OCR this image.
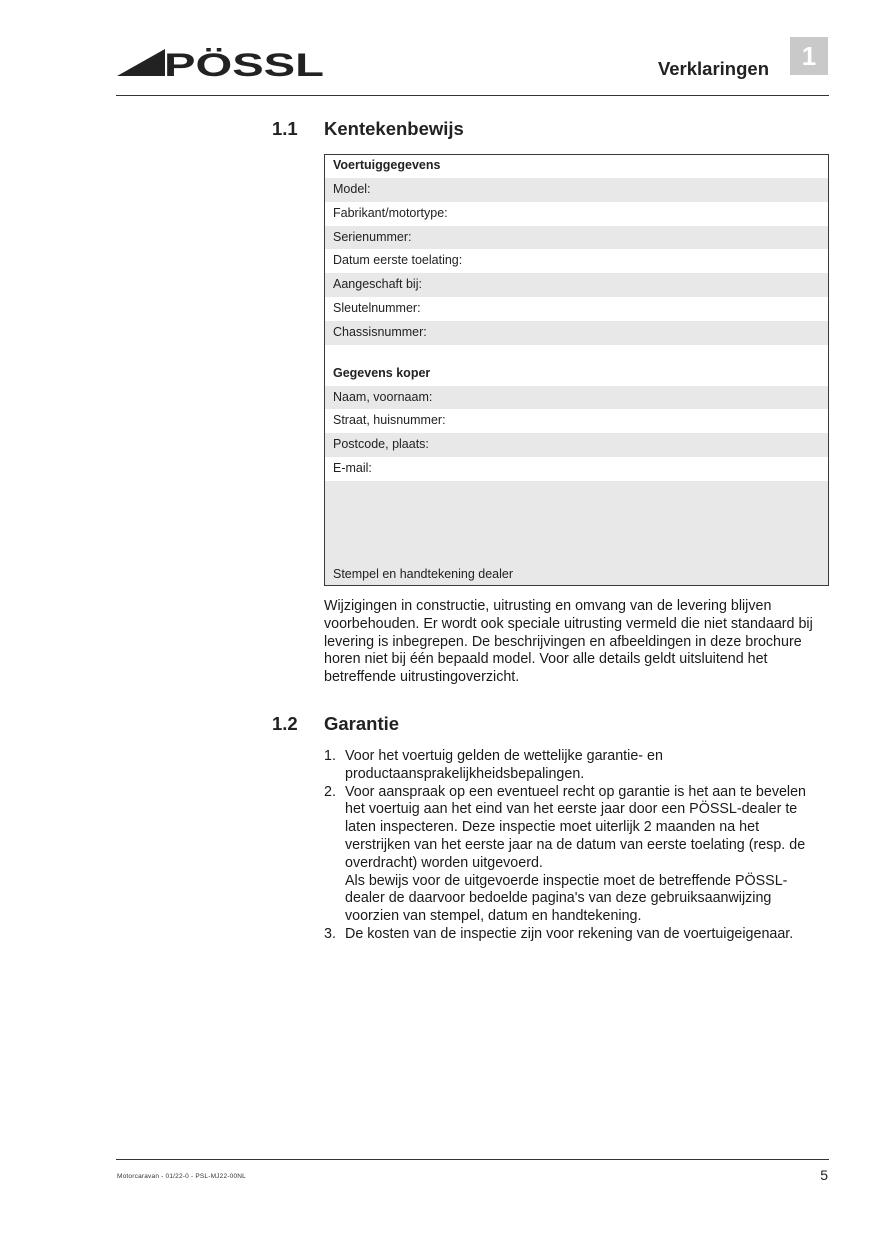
PÖSSL	Verklaringen	1
1.1 Kentekenbewijs
Voertuiggegevens
Model:
Fabrikant/motortype:
Serienummer:
Datum eerste toelating:
Aangeschaft bij:
Sleutelnummer:
Chassisnummer:
Gegevens koper
Naam, voornaam:
Straat, huisnummer:
Postcode, plaats:
E-mail:
Stempel en handtekening dealer

Wijzigingen in constructie, uitrusting en omvang van de levering blijven
voorbehouden. Er wordt ook speciale uitrusting vermeld die niet standaard bij
levering is inbegrepen. De beschrijvingen en afbeeldingen in deze brochure
horen niet bij één bepaald model. Voor alle details geldt uitsluitend het
betreffende uitrustingoverzicht.

1.2 Garantie
1. Voor het voertuig gelden de wettelijke garantie- en
productaansprakelijkheidsbepalingen.
2. Voor aanspraak op een eventueel recht op garantie is het aan te bevelen
het voertuig aan het eind van het eerste jaar door een PÖSSL-dealer te
laten inspecteren. Deze inspectie moet uiterlijk 2 maanden na het
verstrijken van het eerste jaar na de datum van eerste toelating (resp. de
overdracht) worden uitgevoerd.
Als bewijs voor de uitgevoerde inspectie moet de betreffende PÖSSL-
dealer de daarvoor bedoelde pagina's van deze gebruiksaanwijzing
voorzien van stempel, datum en handtekening.
3. De kosten van de inspectie zijn voor rekening van de voertuigeigenaar.
Motorcaravan - 01/22-0 - PSL-MJ22-00NL	5
